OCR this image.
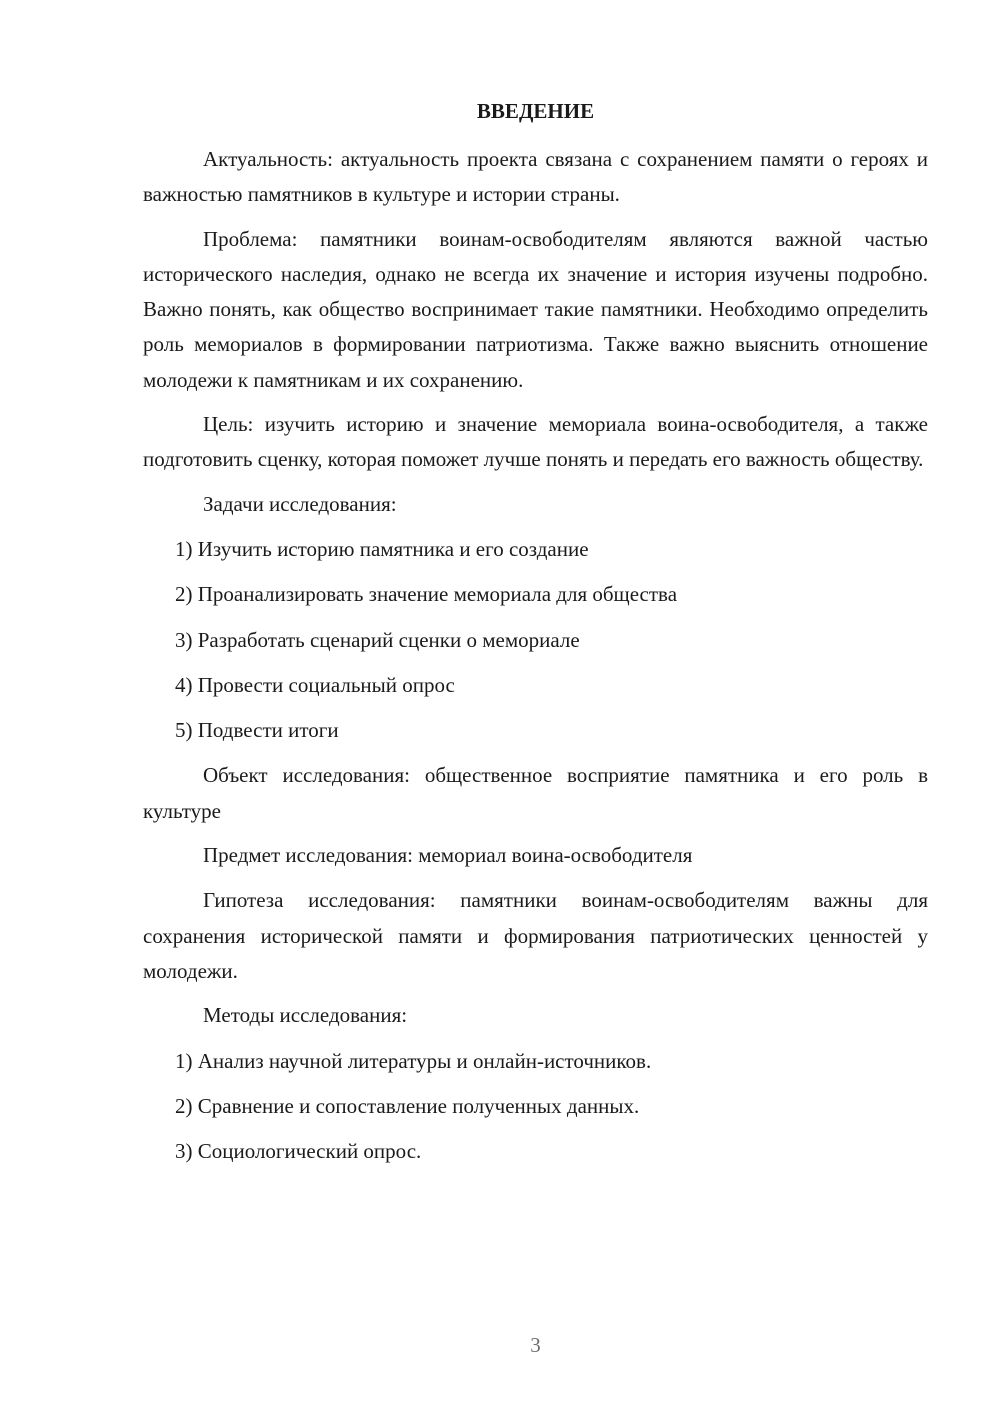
ВВЕДЕНИЕ

Актуальность: актуальность проекта связана с сохранением памяти о героях и важностью памятников в культуре и истории страны.

Проблема: памятники воинам-освободителям являются важной частью исторического наследия, однако не всегда их значение и история изучены подробно. Важно понять, как общество воспринимает такие памятники. Необходимо определить роль мемориалов в формировании патриотизма. Также важно выяснить отношение молодежи к памятникам и их сохранению.

Цель: изучить историю и значение мемориала воина-освободителя, а также подготовить сценку, которая поможет лучше понять и передать его важность обществу.

Задачи исследования:

1) Изучить историю памятника и его создание
2) Проанализировать значение мемориала для общества
3) Разработать сценарий сценки о мемориале
4) Провести социальный опрос
5) Подвести итоги

Объект исследования: общественное восприятие памятника и его роль в культуре

Предмет исследования: мемориал воина-освободителя

Гипотеза исследования: памятники воинам-освободителям важны для сохранения исторической памяти и формирования патриотических ценностей у молодежи.

Методы исследования:

1) Анализ научной литературы и онлайн-источников.
2) Сравнение и сопоставление полученных данных.
3) Социологический опрос.
3
